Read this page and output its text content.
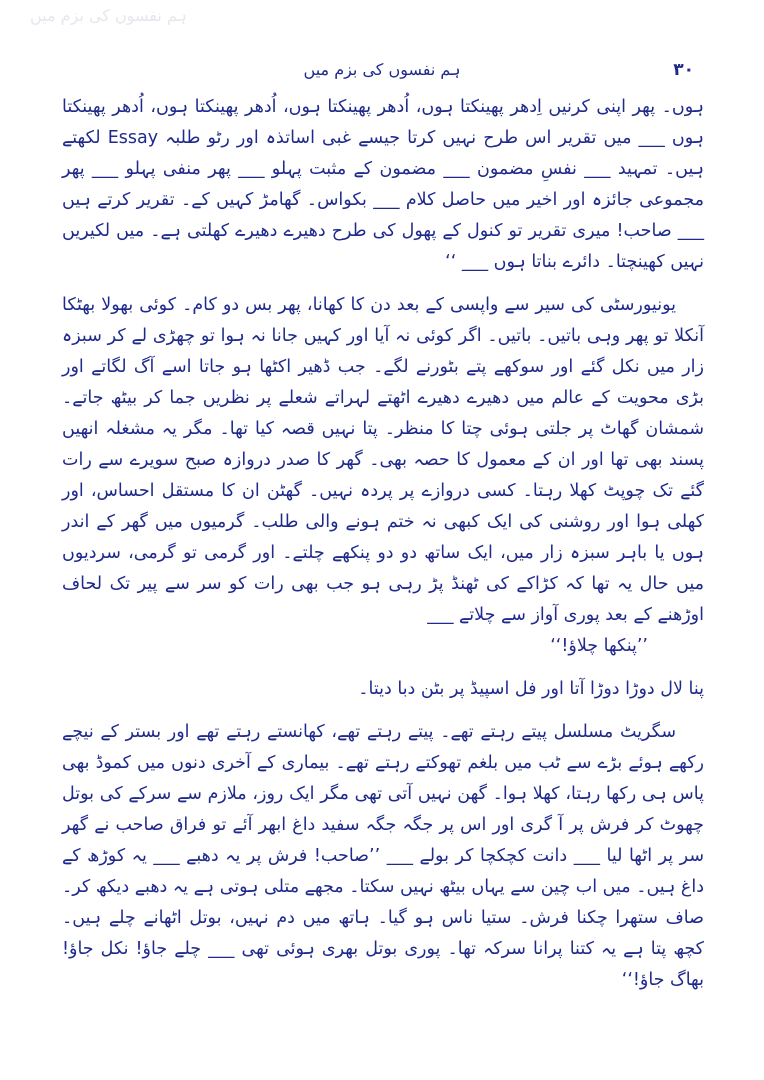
ہم نفسوں کی بزم میں
۳۰
ہم نفسوں کی بزم میں

ہوں۔ پھر اپنی کرنیں اِدھر پھینکتا ہوں، اُدھر پھینکتا ہوں، اُدھر پھینکتا ہوں، اُدھر پھینکتا ہوں ___ میں تقریر اس طرح نہیں کرتا جیسے غبی اساتذہ اور رٹو طلبہ Essay لکھتے ہیں۔ تمہید ___ نفسِ مضمون ___ مضمون کے مثبت پہلو ___ پھر منفی پہلو ___ پھر مجموعی جائزہ اور اخیر میں حاصل کلام ___ بکواس۔ گھامڑ کہیں کے۔ تقریر کرتے ہیں ___ صاحب! میری تقریر تو کنول کے پھول کی طرح دھیرے دھیرے کھلتی ہے۔ میں لکیریں نہیں کھینچتا۔ دائرے بناتا ہوں ___ ‘‘

یونیورسٹی کی سیر سے واپسی کے بعد دن کا کھانا، پھر بس دو کام۔ کوئی بھولا بھٹکا آنکلا تو پھر وہی باتیں۔ باتیں۔ اگر کوئی نہ آیا اور کہیں جانا نہ ہوا تو چھڑی لے کر سبزہ زار میں نکل گئے اور سوکھے پتے بٹورنے لگے۔ جب ڈھیر اکٹھا ہو جاتا اسے آگ لگاتے اور بڑی محویت کے عالم میں دھیرے دھیرے اٹھتے لہراتے شعلے پر نظریں جما کر بیٹھ جاتے۔ شمشان گھاٹ پر جلتی ہوئی چتا کا منظر۔ پتا نہیں قصہ کیا تھا۔ مگر یہ مشغلہ انھیں پسند بھی تھا اور ان کے معمول کا حصہ بھی۔ گھر کا صدر دروازہ صبح سویرے سے رات گئے تک چوپٹ کھلا رہتا۔ کسی دروازے پر پردہ نہیں۔ گھٹن ان کا مستقل احساس، اور کھلی ہوا اور روشنی کی ایک کبھی نہ ختم ہونے والی طلب۔ گرمیوں میں گھر کے اندر ہوں یا باہر سبزہ زار میں، ایک ساتھ دو دو پنکھے چلتے۔ اور گرمی تو گرمی، سردیوں میں حال یہ تھا کہ کڑاکے کی ٹھنڈ پڑ رہی ہو جب بھی رات کو سر سے پیر تک لحاف اوڑھنے کے بعد پوری آواز سے چلاتے ___

’’پنکھا چلاؤ!‘‘

پنا لال دوڑا دوڑا آتا اور فل اسپیڈ پر بٹن دبا دیتا۔

سگریٹ مسلسل پیتے رہتے تھے۔ پیتے رہتے تھے، کھانستے رہتے تھے اور بستر کے نیچے رکھے ہوئے بڑے سے ٹب میں بلغم تھوکتے رہتے تھے۔ بیماری کے آخری دنوں میں کموڈ بھی پاس ہی رکھا رہتا، کھلا ہوا۔ گھن نہیں آتی تھی مگر ایک روز، ملازم سے سرکے کی بوتل چھوٹ کر فرش پر آ گری اور اس پر جگہ جگہ سفید داغ ابھر آئے تو فراق صاحب نے گھر سر پر اٹھا لیا ___ دانت کچکچا کر بولے ___ ’’صاحب! فرش پر یہ دھبے ___ یہ کوڑھ کے داغ ہیں۔ میں اب چین سے یہاں بیٹھ نہیں سکتا۔ مجھے متلی ہوتی ہے یہ دھبے دیکھ کر۔ صاف ستھرا چکنا فرش۔ ستیا ناس ہو گیا۔ ہاتھ میں دم نہیں، بوتل اٹھانے چلے ہیں۔ کچھ پتا ہے یہ کتنا پرانا سرکہ تھا۔ پوری بوتل بھری ہوئی تھی ___ چلے جاؤ! نکل جاؤ! بھاگ جاؤ!‘‘
